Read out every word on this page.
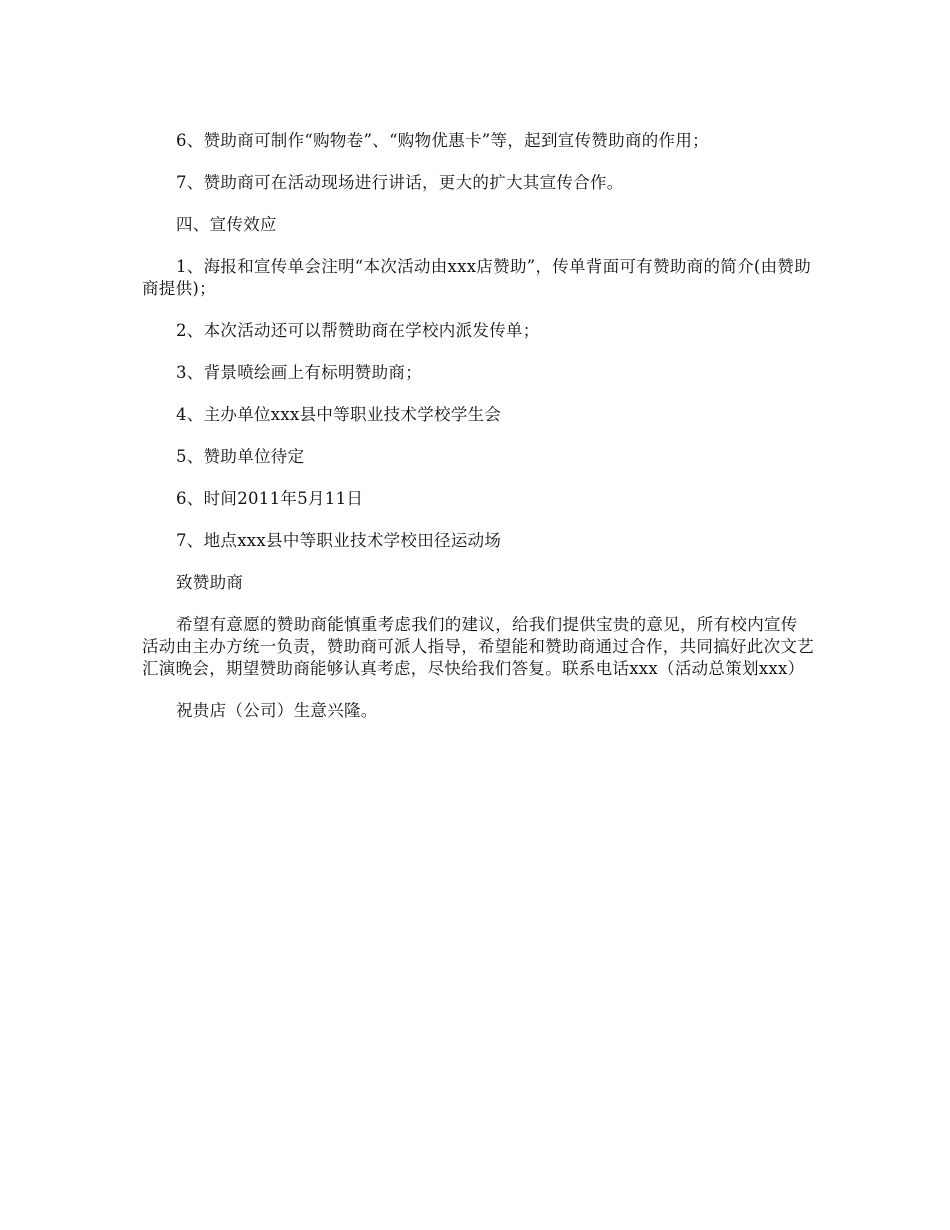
6、赞助商可制作“购物卷”、“购物优惠卡”等，起到宣传赞助商的作用；

7、赞助商可在活动现场进行讲话，更大的扩大其宣传合作。

四、宣传效应

1、海报和宣传单会注明“本次活动由xxx店赞助”，传单背面可有赞助商的简介(由赞助商提供)；

2、本次活动还可以帮赞助商在学校内派发传单；

3、背景喷绘画上有标明赞助商；

4、主办单位xxx县中等职业技术学校学生会

5、赞助单位待定

6、时间2011年5月11日

7、地点xxx县中等职业技术学校田径运动场

致赞助商

希望有意愿的赞助商能慎重考虑我们的建议，给我们提供宝贵的意见，所有校内宣传活动由主办方统一负责，赞助商可派人指导，希望能和赞助商通过合作，共同搞好此次文艺汇演晚会，期望赞助商能够认真考虑，尽快给我们答复。联系电话xxx（活动总策划xxx）

祝贵店（公司）生意兴隆。
